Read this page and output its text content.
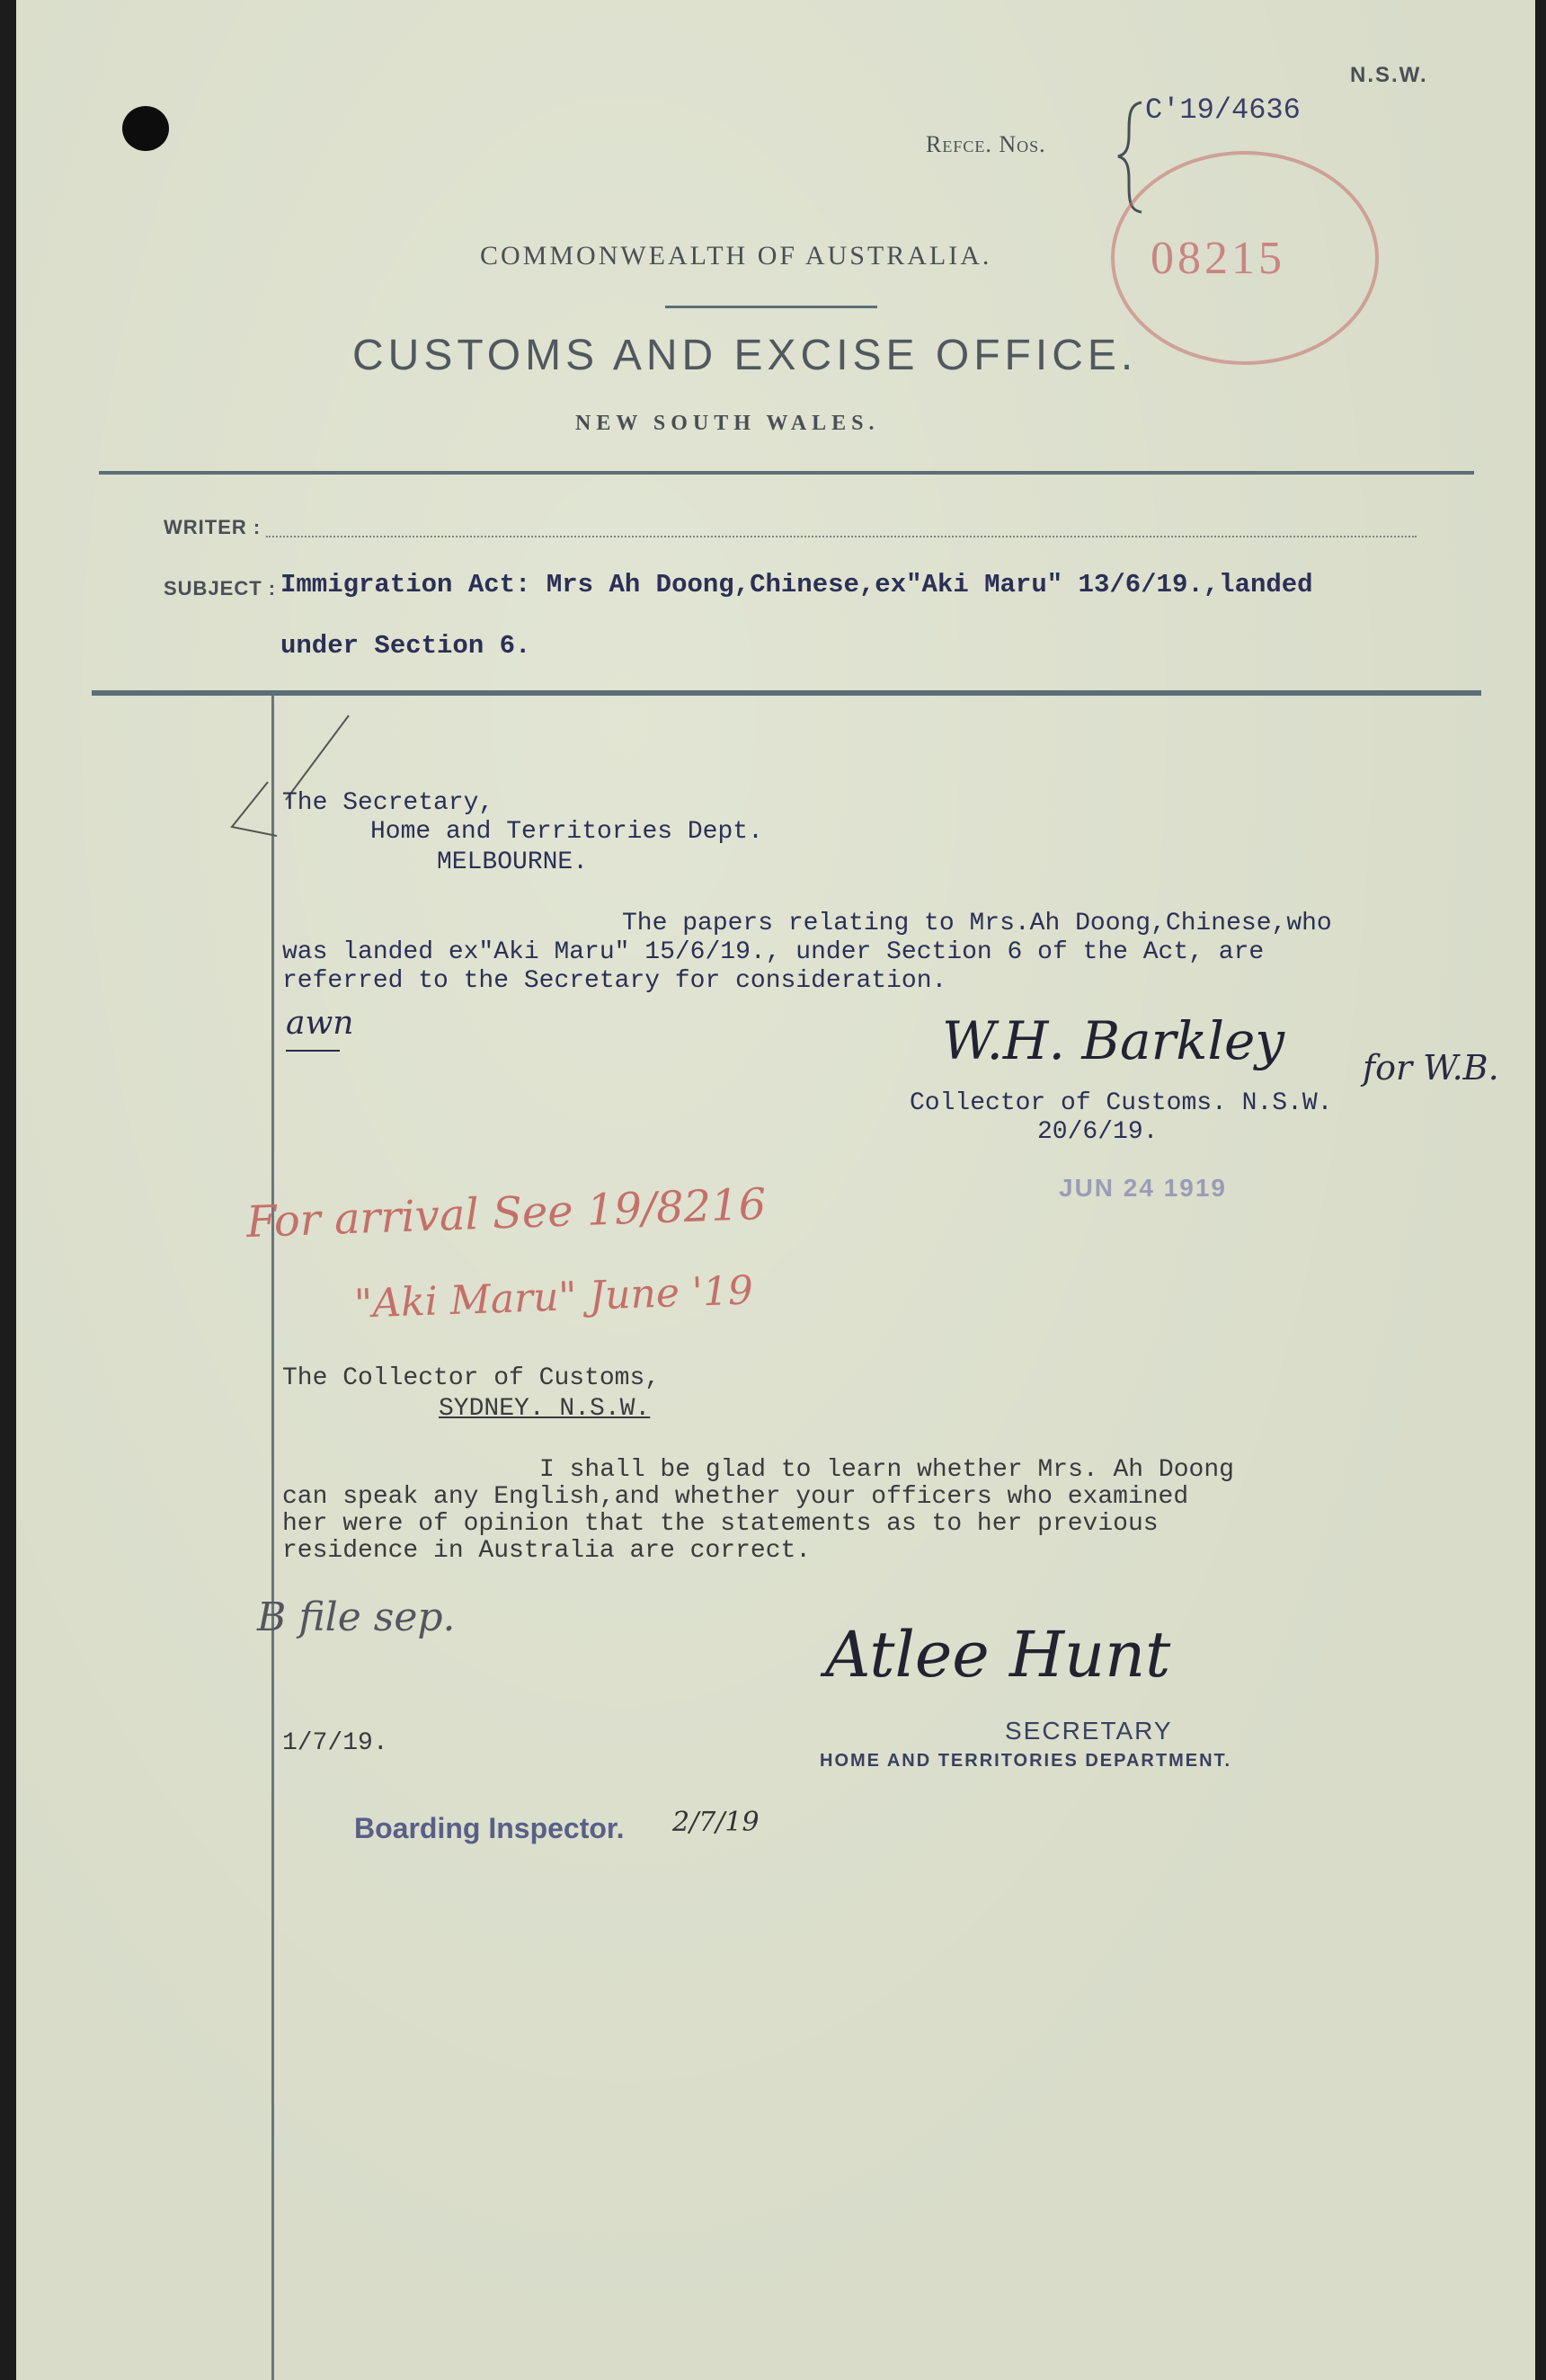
N.S.W.
Refce. Nos.
C'19/4636
08215
COMMONWEALTH OF AUSTRALIA.
CUSTOMS AND EXCISE OFFICE.
NEW SOUTH WALES.
WRITER :
SUBJECT : Immigration Act: Mrs Ah Doong,Chinese,ex"Aki Maru" 13/6/19.,landed
under Section 6.
The Secretary,
Home and Territories Dept.
MELBOURNE.
The papers relating to Mrs.Ah Doong,Chinese,who
was landed ex"Aki Maru" 15/6/19., under Section 6 of the Act, are
referred to the Secretary for consideration.
awn	W.H. Barkley for W.B.
Collector of Customs. N.S.W.
20/6/19.
JUN 24 1919
For arrival See 19/8216
"Aki Maru" June '19
The Collector of Customs,
SYDNEY. N.S.W.
I shall be glad to learn whether Mrs. Ah Doong
can speak any English,and whether your officers who examined
her were of opinion that the statements as to her previous
residence in Australia are correct.
B file sep.
Atlee Hunt
SECRETARY
HOME AND TERRITORIES DEPARTMENT.
1/7/19.
Boarding Inspector. 2/7/19
